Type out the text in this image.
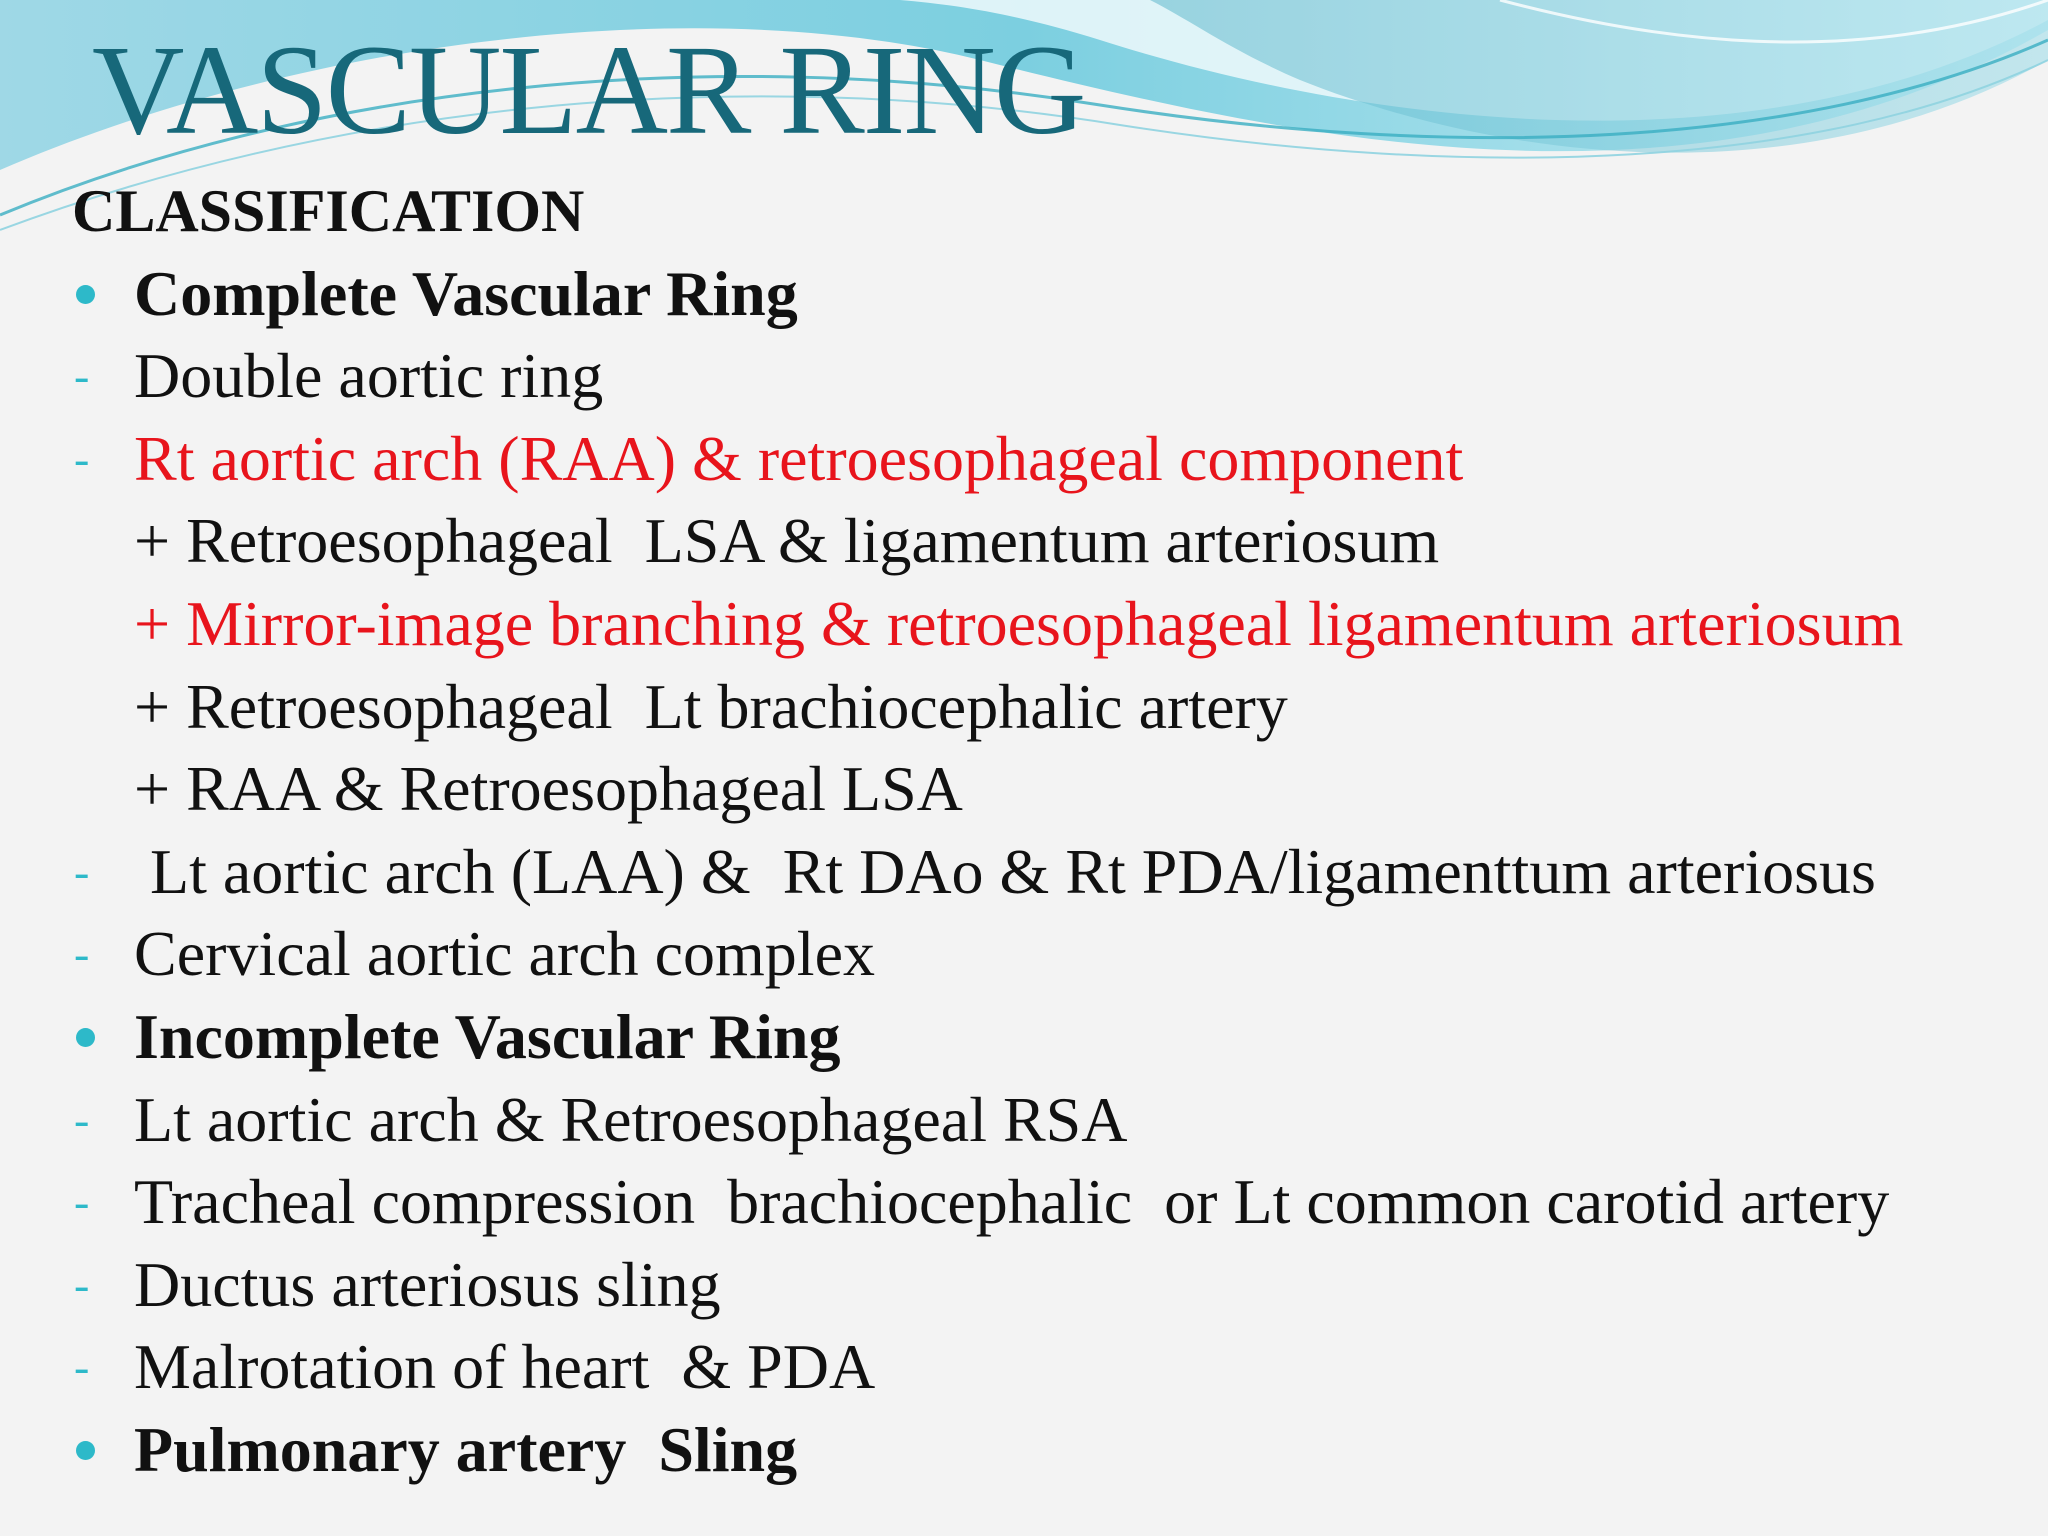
VASCULAR RING
CLASSIFICATION
Complete Vascular Ring
- Double aortic ring
- Rt aortic arch (RAA) & retroesophageal component
+ Retroesophageal  LSA & ligamentum arteriosum
+ Mirror-image branching & retroesophageal ligamentum arteriosum
+ Retroesophageal  Lt brachiocephalic artery
+ RAA & Retroesophageal LSA
- Lt aortic arch (LAA) &  Rt DAo & Rt PDA/ligamenttum arteriosus
- Cervical aortic arch complex
Incomplete Vascular Ring
- Lt aortic arch & Retroesophageal RSA
- Tracheal compression  brachiocephalic  or Lt common carotid artery
- Ductus arteriosus sling
- Malrotation of heart  & PDA
Pulmonary artery  Sling
